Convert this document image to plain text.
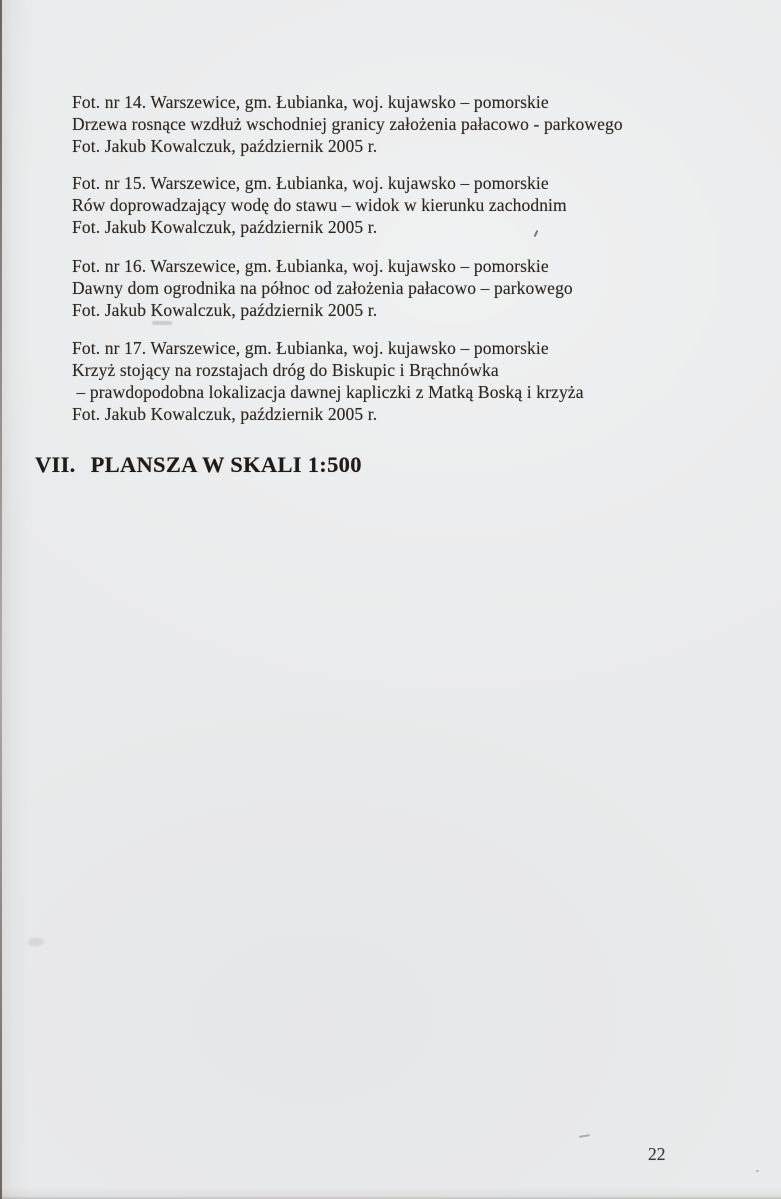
Fot. nr 14. Warszewice, gm. Łubianka, woj. kujawsko – pomorskie

Drzewa rosnące wzdłuż wschodniej granicy założenia pałacowo - parkowego

Fot. Jakub Kowalczuk, październik 2005 r.

Fot. nr 15. Warszewice, gm. Łubianka, woj. kujawsko – pomorskie

Rów doprowadzający wodę do stawu – widok w kierunku zachodnim

Fot. Jakub Kowalczuk, październik 2005 r.

Fot. nr 16. Warszewice, gm. Łubianka, woj. kujawsko – pomorskie

Dawny dom ogrodnika na północ od założenia pałacowo – parkowego

Fot. Jakub Kowalczuk, październik 2005 r.

Fot. nr 17. Warszewice, gm. Łubianka, woj. kujawsko – pomorskie

Krzyż stojący na rozstajach dróg do Biskupic i Brąchnówka

– prawdopodobna lokalizacja dawnej kapliczki z Matką Boską i krzyża

Fot. Jakub Kowalczuk, październik 2005 r.

VII. PLANSZA W SKALI 1:500
22
